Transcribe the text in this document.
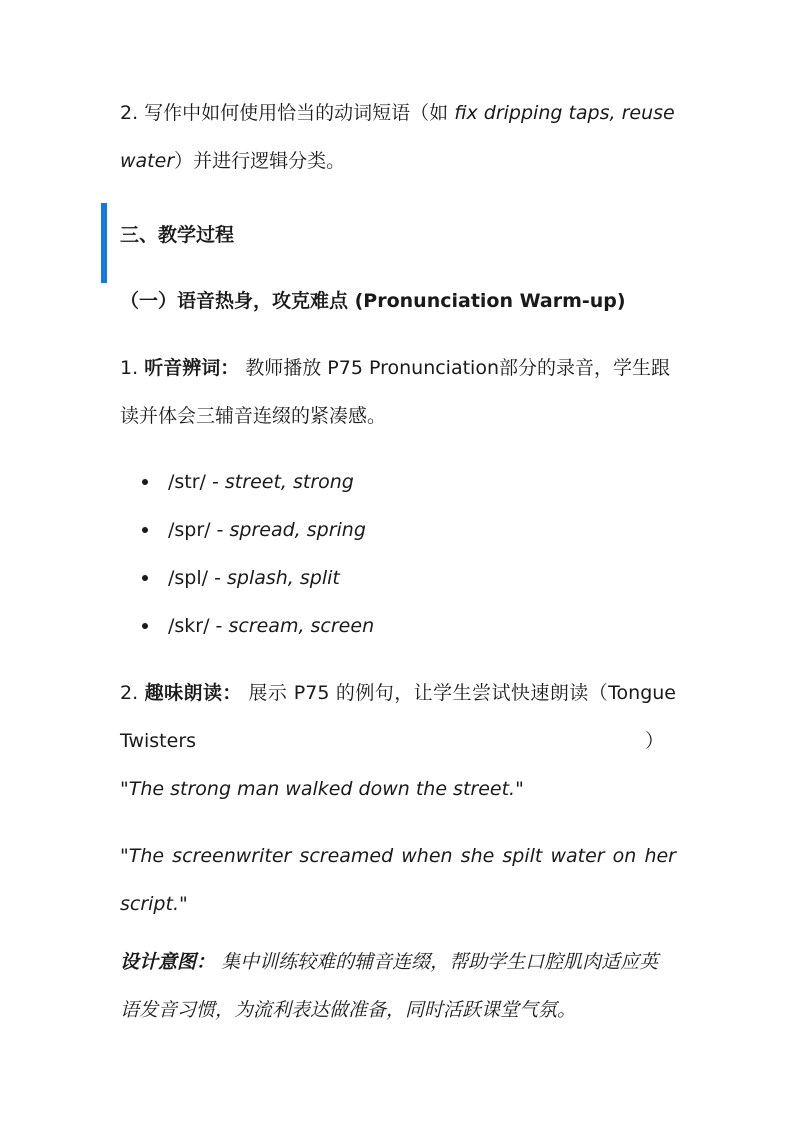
2. 写作中如何使用恰当的动词短语（如 fix dripping taps, reuse water）并进行逻辑分类。

三、教学过程
（一）语音热身，攻克难点 (Pronunciation Warm-up)

1. 听音辨词： 教师播放 P75 Pronunciation部分的录音，学生跟读并体会三辅音连缀的紧凑感。

/str/ - street, strong
/spr/ - spread, spring
/spl/ - splash, split
/skr/ - scream, screen

2. 趣味朗读： 展示 P75 的例句，让学生尝试快速朗读（Tongue

Twisters	）

"The strong man walked down the street."

"The screenwriter screamed when she spilt water on her script."

设计意图： 集中训练较难的辅音连缀，帮助学生口腔肌肉适应英语发音习惯，为流利表达做准备，同时活跃课堂气氛。
